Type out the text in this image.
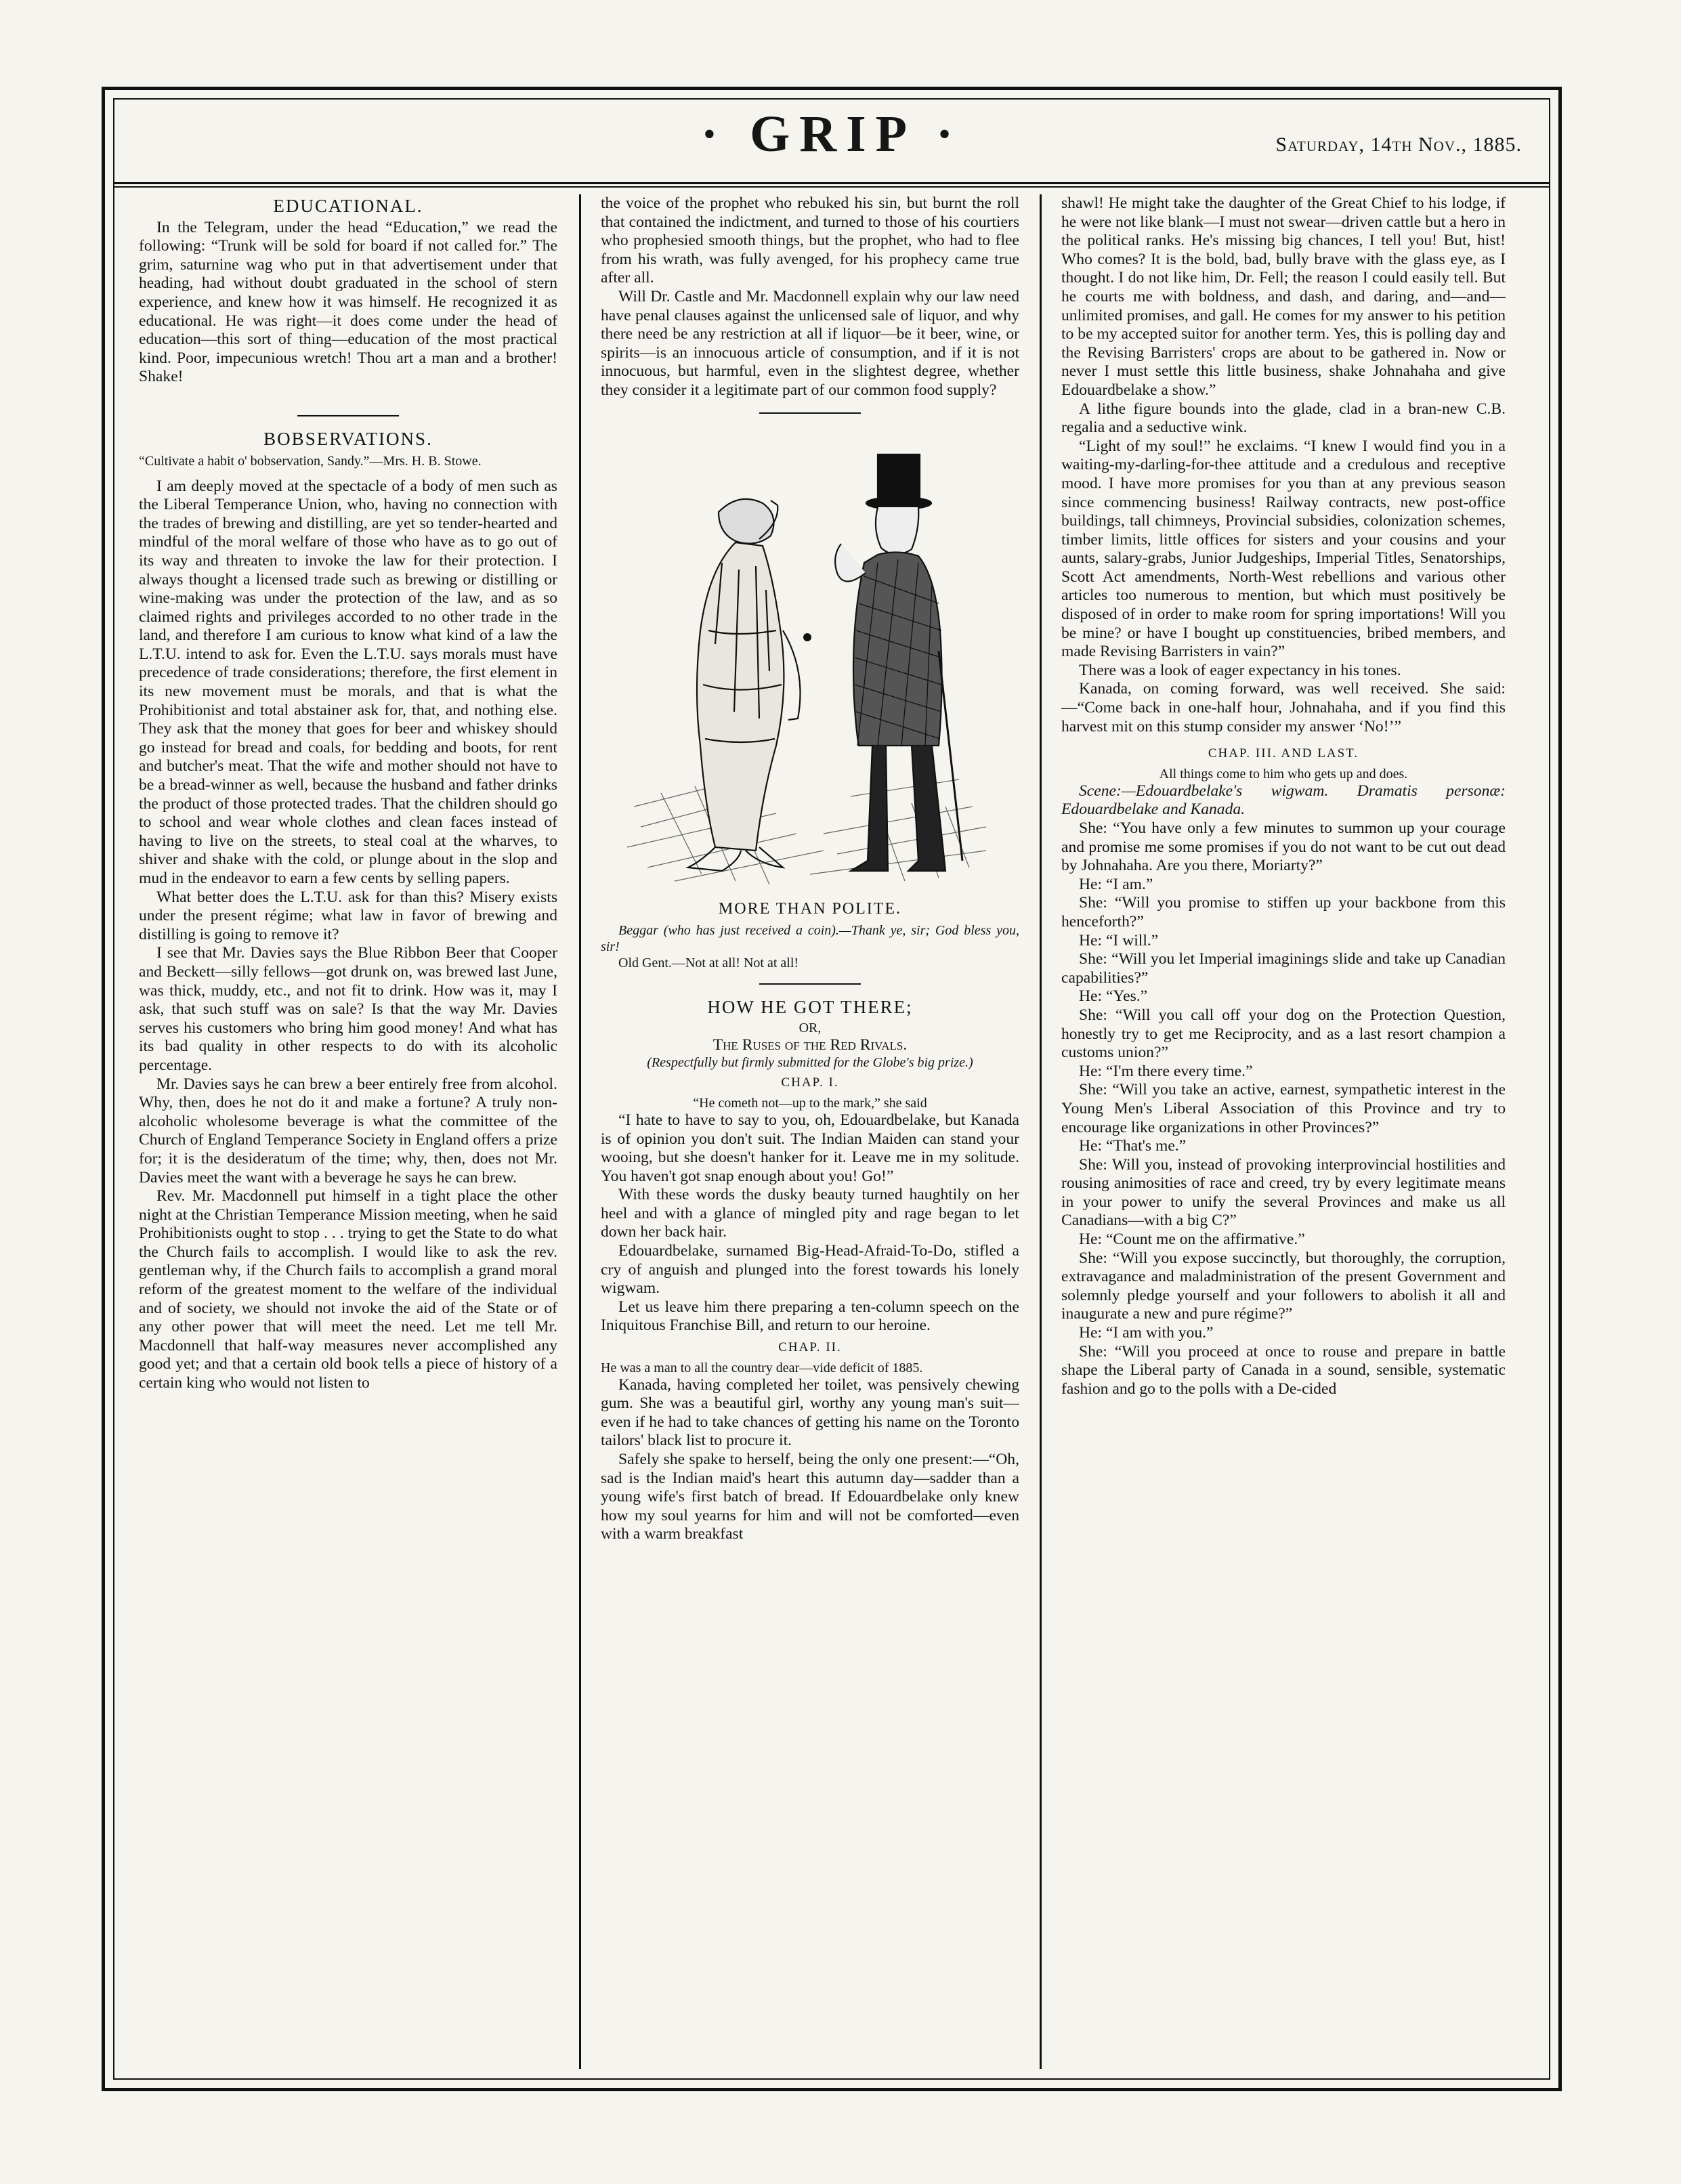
· GRIP ·	Saturday, 14th Nov., 1885.
EDUCATIONAL.

In the Telegram, under the head “Education,” we read the following: “Trunk will be sold for board if not called for.” The grim, saturnine wag who put in that advertisement under that heading, had without doubt graduated in the school of stern experience, and knew how it was himself. He recognized it as educational. He was right—it does come under the head of education—this sort of thing—education of the most practical kind. Poor, impecunious wretch! Thou art a man and a brother! Shake!

BOBSERVATIONS.

“Cultivate a habit o' bobservation, Sandy.”—Mrs. H. B. Stowe.

I am deeply moved at the spectacle of a body of men such as the Liberal Temperance Union, who, having no connection with the trades of brewing and distilling, are yet so tender-hearted and mindful of the moral welfare of those who have as to go out of its way and threaten to invoke the law for their protection. I always thought a licensed trade such as brewing or distilling or wine-making was under the protection of the law, and as so claimed rights and privileges accorded to no other trade in the land, and therefore I am curious to know what kind of a law the L.T.U. intend to ask for. Even the L.T.U. says morals must have precedence of trade considerations; therefore, the first element in its new movement must be morals, and that is what the Prohibitionist and total abstainer ask for, that, and nothing else. They ask that the money that goes for beer and whiskey should go instead for bread and coals, for bedding and boots, for rent and butcher's meat. That the wife and mother should not have to be a bread-winner as well, because the husband and father drinks the product of those protected trades. That the children should go to school and wear whole clothes and clean faces instead of having to live on the streets, to steal coal at the wharves, to shiver and shake with the cold, or plunge about in the slop and mud in the endeavor to earn a few cents by selling papers.

What better does the L.T.U. ask for than this? Misery exists under the present régime; what law in favor of brewing and distilling is going to remove it?

I see that Mr. Davies says the Blue Ribbon Beer that Cooper and Beckett—silly fellows—got drunk on, was brewed last June, was thick, muddy, etc., and not fit to drink. How was it, may I ask, that such stuff was on sale? Is that the way Mr. Davies serves his customers who bring him good money! And what has its bad quality in other respects to do with its alcoholic percentage.

Mr. Davies says he can brew a beer entirely free from alcohol. Why, then, does he not do it and make a fortune? A truly non-alcoholic wholesome beverage is what the committee of the Church of England Temperance Society in England offers a prize for; it is the desideratum of the time; why, then, does not Mr. Davies meet the want with a beverage he says he can brew.

Rev. Mr. Macdonnell put himself in a tight place the other night at the Christian Temperance Mission meeting, when he said Prohibitionists ought to stop . . . trying to get the State to do what the Church fails to accomplish. I would like to ask the rev. gentleman why, if the Church fails to accomplish a grand moral reform of the greatest moment to the welfare of the individual and of society, we should not invoke the aid of the State or of any other power that will meet the need. Let me tell Mr. Macdonnell that half-way measures never accomplished any good yet; and that a certain old book tells a piece of history of a certain king who would not listen to

the voice of the prophet who rebuked his sin, but burnt the roll that contained the indictment, and turned to those of his courtiers who prophesied smooth things, but the prophet, who had to flee from his wrath, was fully avenged, for his prophecy came true after all.

Will Dr. Castle and Mr. Macdonnell explain why our law need have penal clauses against the unlicensed sale of liquor, and why there need be any restriction at all if liquor—be it beer, wine, or spirits—is an innocuous article of consumption, and if it is not innocuous, but harmful, even in the slightest degree, whether they consider it a legitimate part of our common food supply?

MORE THAN POLITE.

Beggar (who has just received a coin).—Thank ye, sir; God bless you, sir!

Old Gent.—Not at all! Not at all!

HOW HE GOT THERE;

OR,

The Ruses of the Red Rivals.

(Respectfully but firmly submitted for the Globe's big prize.)

CHAP. I.

“He cometh not—up to the mark,” she said

“I hate to have to say to you, oh, Edouardbelake, but Kanada is of opinion you don't suit. The Indian Maiden can stand your wooing, but she doesn't hanker for it. Leave me in my solitude. You haven't got snap enough about you! Go!”

With these words the dusky beauty turned haughtily on her heel and with a glance of mingled pity and rage began to let down her back hair.

Edouardbelake, surnamed Big-Head-Afraid-To-Do, stifled a cry of anguish and plunged into the forest towards his lonely wigwam.

Let us leave him there preparing a ten-column speech on the Iniquitous Franchise Bill, and return to our heroine.

CHAP. II.

He was a man to all the country dear—vide deficit of 1885.

Kanada, having completed her toilet, was pensively chewing gum. She was a beautiful girl, worthy any young man's suit—even if he had to take chances of getting his name on the Toronto tailors' black list to procure it.

Safely she spake to herself, being the only one present:—“Oh, sad is the Indian maid's heart this autumn day—sadder than a young wife's first batch of bread. If Edouardbelake only knew how my soul yearns for him and will not be comforted—even with a warm breakfast

shawl! He might take the daughter of the Great Chief to his lodge, if he were not like blank—I must not swear—driven cattle but a hero in the political ranks. He's missing big chances, I tell you! But, hist! Who comes? It is the bold, bad, bully brave with the glass eye, as I thought. I do not like him, Dr. Fell; the reason I could easily tell. But he courts me with boldness, and dash, and daring, and—and—unlimited promises, and gall. He comes for my answer to his petition to be my accepted suitor for another term. Yes, this is polling day and the Revising Barristers' crops are about to be gathered in. Now or never I must settle this little business, shake Johnahaha and give Edouardbelake a show.”

A lithe figure bounds into the glade, clad in a bran-new C.B. regalia and a seductive wink.

“Light of my soul!” he exclaims. “I knew I would find you in a waiting-my-darling-for-thee attitude and a credulous and receptive mood. I have more promises for you than at any previous season since commencing business! Railway contracts, new post-office buildings, tall chimneys, Provincial subsidies, colonization schemes, timber limits, little offices for sisters and your cousins and your aunts, salary-grabs, Junior Judgeships, Imperial Titles, Senatorships, Scott Act amendments, North-West rebellions and various other articles too numerous to mention, but which must positively be disposed of in order to make room for spring importations! Will you be mine? or have I bought up constituencies, bribed members, and made Revising Barristers in vain?”

There was a look of eager expectancy in his tones.

Kanada, on coming forward, was well received. She said:—“Come back in one-half hour, Johnahaha, and if you find this harvest mit on this stump consider my answer ‘No!’”

CHAP. III. AND LAST.

All things come to him who gets up and does.

Scene:—Edouardbelake's wigwam. Dramatis personæ: Edouardbelake and Kanada.

She: “You have only a few minutes to summon up your courage and promise me some promises if you do not want to be cut out dead by Johnahaha. Are you there, Moriarty?”

He: “I am.”

She: “Will you promise to stiffen up your backbone from this henceforth?”

He: “I will.”

She: “Will you let Imperial imaginings slide and take up Canadian capabilities?”

He: “Yes.”

She: “Will you call off your dog on the Protection Question, honestly try to get me Reciprocity, and as a last resort champion a customs union?”

He: “I'm there every time.”

She: “Will you take an active, earnest, sympathetic interest in the Young Men's Liberal Association of this Province and try to encourage like organizations in other Provinces?”

He: “That's me.”

She: Will you, instead of provoking interprovincial hostilities and rousing animosities of race and creed, try by every legitimate means in your power to unify the several Provinces and make us all Canadians—with a big C?”

He: “Count me on the affirmative.”

She: “Will you expose succinctly, but thoroughly, the corruption, extravagance and maladministration of the present Government and solemnly pledge yourself and your followers to abolish it all and inaugurate a new and pure régime?”

He: “I am with you.”

She: “Will you proceed at once to rouse and prepare in battle shape the Liberal party of Canada in a sound, sensible, systematic fashion and go to the polls with a De-cided
